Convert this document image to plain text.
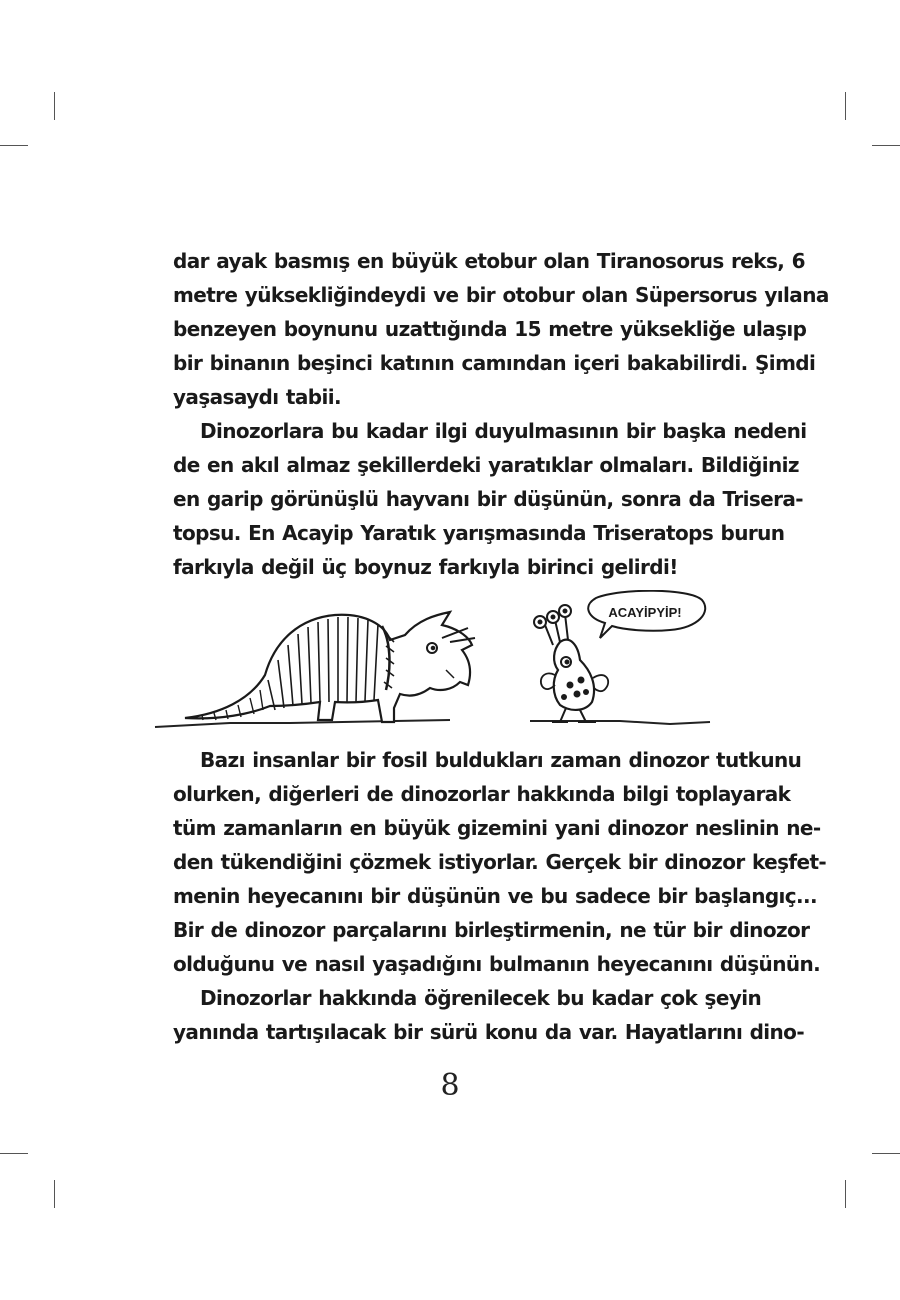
dar ayak basmış en büyük etobur olan Tiranosorus reks, 6
metre yüksekliğindeydi ve bir otobur olan Süpersorus yılana
benzeyen boynunu uzattığında 15 metre yüksekliğe ulaşıp
bir binanın beşinci katının camından içeri bakabilirdi. Şimdi
yaşasaydı tabii.

Dinozorlara bu kadar ilgi duyulmasının bir başka nedeni
de en akıl almaz şekillerdeki yaratıklar olmaları. Bildiğiniz
en garip görünüşlü hayvanı bir düşünün, sonra da Trisera-
topsu. En Acayip Yaratık yarışmasında Triseratops burun
farkıyla değil üç boynuz farkıyla birinci gelirdi!

ACAYİPYİP!

Bazı insanlar bir fosil buldukları zaman dinozor tutkunu
olurken, diğerleri de dinozorlar hakkında bilgi toplayarak
tüm zamanların en büyük gizemini yani dinozor neslinin ne-
den tükendiğini çözmek istiyorlar. Gerçek bir dinozor keşfet-
menin heyecanını bir düşünün ve bu sadece bir başlangıç...
Bir de dinozor parçalarını birleştirmenin, ne tür bir dinozor
olduğunu ve nasıl yaşadığını bulmanın heyecanını düşünün.

Dinozorlar hakkında öğrenilecek bu kadar çok şeyin
yanında tartışılacak bir sürü konu da var. Hayatlarını dino-

8
